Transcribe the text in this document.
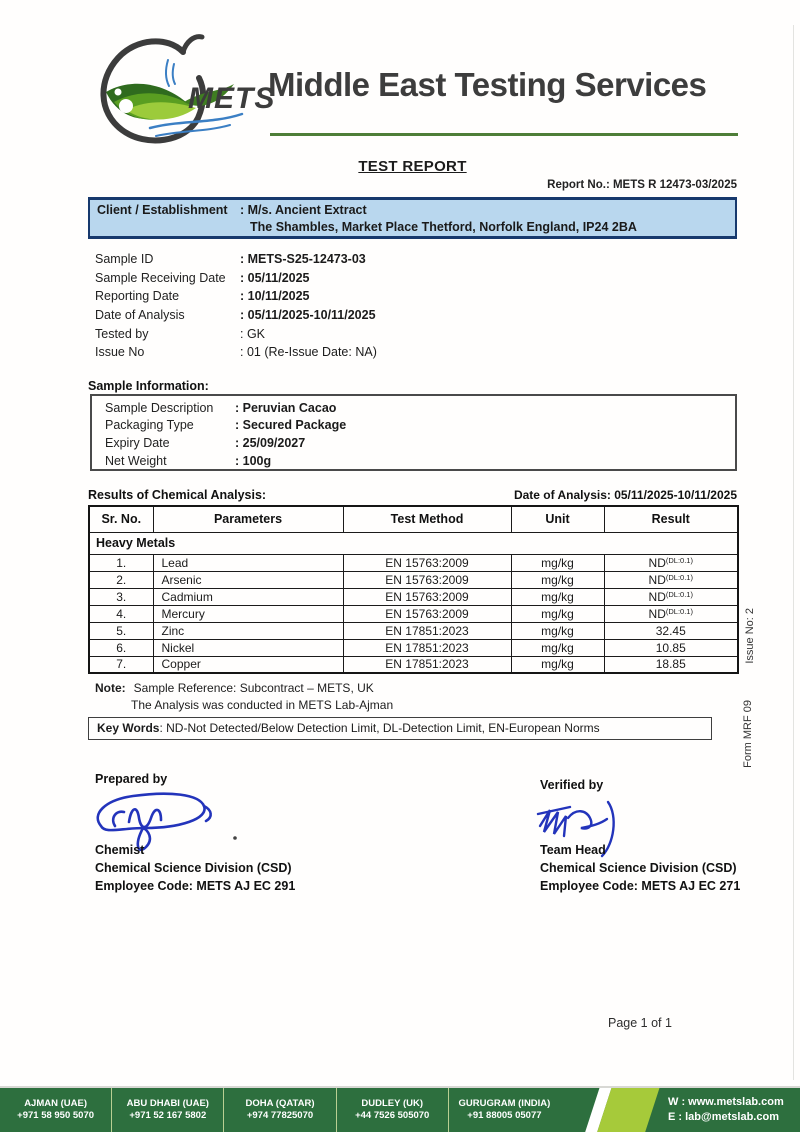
METS
Middle East Testing Services
TEST REPORT
Report No.: METS R 12473-03/2025
Client / Establishment : M/s. Ancient Extract
The Shambles, Market Place Thetford, Norfolk England, IP24 2BA
Sample ID	: METS-S25-12473-03
Sample Receiving Date	: 05/11/2025
Reporting Date	: 10/11/2025
Date of Analysis	: 05/11/2025-10/11/2025
Tested by	: GK
Issue No	: 01 (Re-Issue Date: NA)
Sample Information:
Sample Description	: Peruvian Cacao
Packaging Type	: Secured Package
Expiry Date	: 25/09/2027
Net Weight	: 100g
Results of Chemical Analysis:	Date of Analysis: 05/11/2025-10/11/2025
Sr. No.	Parameters	Test Method	Unit	Result
Heavy Metals				
1.	Lead	EN 15763:2009	mg/kg	$ND^{(DL:0.1)}$
2.	Arsenic	EN 15763:2009	mg/kg	$ND^{(DL:0.1)}$
3.	Cadmium	EN 15763:2009	mg/kg	$ND^{(DL:0.1)}$
4.	Mercury	EN 15763:2009	mg/kg	$ND^{(DL:0.1)}$
5.	Zinc	EN 17851:2023	mg/kg	32.45
6.	Nickel	EN 17851:2023	mg/kg	10.85
7.	Copper	EN 17851:2023	mg/kg	18.85
Issue No: 2
Form MRF 09
Note: Sample Reference: Subcontract – METS, UK
The Analysis was conducted in METS Lab-Ajman
Key Words: ND-Not Detected/Below Detection Limit, DL-Detection Limit, EN-European Norms
Prepared by
Chemist
Chemical Science Division (CSD)
Employee Code: METS AJ EC 291
Verified by
Team Head
Chemical Science Division (CSD)
Employee Code: METS AJ EC 271
Page 1 of 1
AJMAN (UAE)
+971 58 950 5070
ABU DHABI (UAE)
+971 52 167 5802
DOHA (QATAR)
+974 77825070
DUDLEY (UK)
+44 7526 505070
GURUGRAM (INDIA)
+91 88005 05077
W : www.metslab.com
E : lab@metslab.com
